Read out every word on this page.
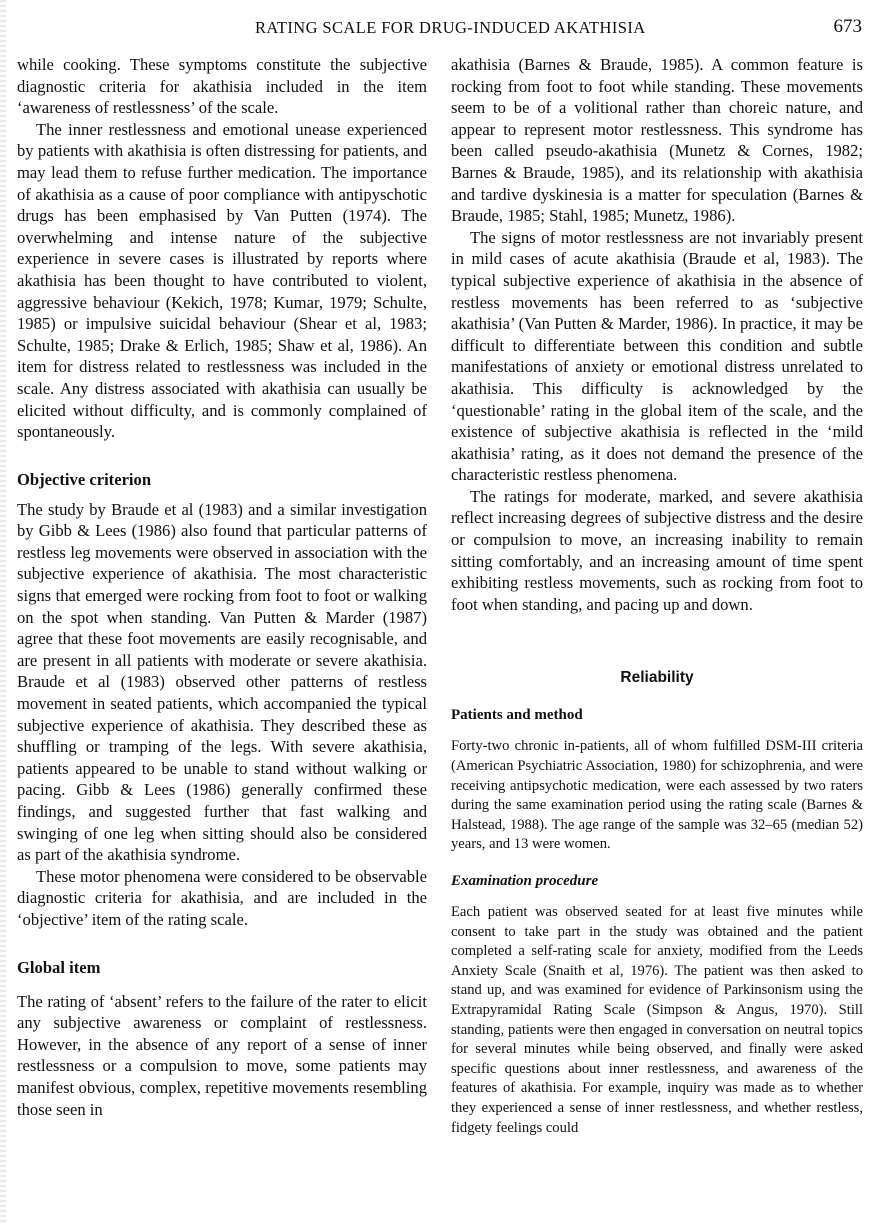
RATING SCALE FOR DRUG-INDUCED AKATHISIA	673

while cooking. These symptoms constitute the subjective diagnostic criteria for akathisia included in the item ‘awareness of restlessness’ of the scale.

The inner restlessness and emotional unease experienced by patients with akathisia is often distressing for patients, and may lead them to refuse further medication. The importance of akathisia as a cause of poor compliance with antipyschotic drugs has been emphasised by Van Putten (1974). The overwhelming and intense nature of the subjective experience in severe cases is illustrated by reports where akathisia has been thought to have contributed to violent, aggressive behaviour (Kekich, 1978; Kumar, 1979; Schulte, 1985) or impulsive suicidal behaviour (Shear et al, 1983; Schulte, 1985; Drake & Erlich, 1985; Shaw et al, 1986). An item for distress related to restlessness was included in the scale. Any distress associated with akathisia can usually be elicited without difficulty, and is commonly complained of spontaneously.

Objective criterion

The study by Braude et al (1983) and a similar investigation by Gibb & Lees (1986) also found that particular patterns of restless leg movements were observed in association with the subjective experience of akathisia. The most characteristic signs that emerged were rocking from foot to foot or walking on the spot when standing. Van Putten & Marder (1987) agree that these foot movements are easily recognisable, and are present in all patients with moderate or severe akathisia. Braude et al (1983) observed other patterns of restless movement in seated patients, which accompanied the typical subjective experience of akathisia. They described these as shuffling or tramping of the legs. With severe akathisia, patients appeared to be unable to stand without walking or pacing. Gibb & Lees (1986) generally confirmed these findings, and suggested further that fast walking and swinging of one leg when sitting should also be considered as part of the akathisia syndrome.

These motor phenomena were considered to be observable diagnostic criteria for akathisia, and are included in the ‘objective’ item of the rating scale.

Global item

The rating of ‘absent’ refers to the failure of the rater to elicit any subjective awareness or complaint of restlessness. However, in the absence of any report of a sense of inner restlessness or a compulsion to move, some patients may manifest obvious, complex, repetitive movements resembling those seen in

akathisia (Barnes & Braude, 1985). A common feature is rocking from foot to foot while standing. These movements seem to be of a volitional rather than choreic nature, and appear to represent motor restlessness. This syndrome has been called pseudo-akathisia (Munetz & Cornes, 1982; Barnes & Braude, 1985), and its relationship with akathisia and tardive dyskinesia is a matter for speculation (Barnes & Braude, 1985; Stahl, 1985; Munetz, 1986).

The signs of motor restlessness are not invariably present in mild cases of acute akathisia (Braude et al, 1983). The typical subjective experience of akathisia in the absence of restless movements has been referred to as ‘subjective akathisia’ (Van Putten & Marder, 1986). In practice, it may be difficult to differentiate between this condition and subtle manifestations of anxiety or emotional distress unrelated to akathisia. This difficulty is acknowledged by the ‘questionable’ rating in the global item of the scale, and the existence of subjective akathisia is reflected in the ‘mild akathisia’ rating, as it does not demand the presence of the characteristic restless phenomena.

The ratings for moderate, marked, and severe akathisia reflect increasing degrees of subjective distress and the desire or compulsion to move, an increasing inability to remain sitting comfortably, and an increasing amount of time spent exhibiting restless movements, such as rocking from foot to foot when standing, and pacing up and down.

Reliability
Patients and method

Forty-two chronic in-patients, all of whom fulfilled DSM-III criteria (American Psychiatric Association, 1980) for schizophrenia, and were receiving antipsychotic medication, were each assessed by two raters during the same examination period using the rating scale (Barnes & Halstead, 1988). The age range of the sample was 32–65 (median 52) years, and 13 were women.

Examination procedure

Each patient was observed seated for at least five minutes while consent to take part in the study was obtained and the patient completed a self-rating scale for anxiety, modified from the Leeds Anxiety Scale (Snaith et al, 1976). The patient was then asked to stand up, and was examined for evidence of Parkinsonism using the Extrapyramidal Rating Scale (Simpson & Angus, 1970). Still standing, patients were then engaged in conversation on neutral topics for several minutes while being observed, and finally were asked specific questions about inner restlessness, and awareness of the features of akathisia. For example, inquiry was made as to whether they experienced a sense of inner restlessness, and whether restless, fidgety feelings could
